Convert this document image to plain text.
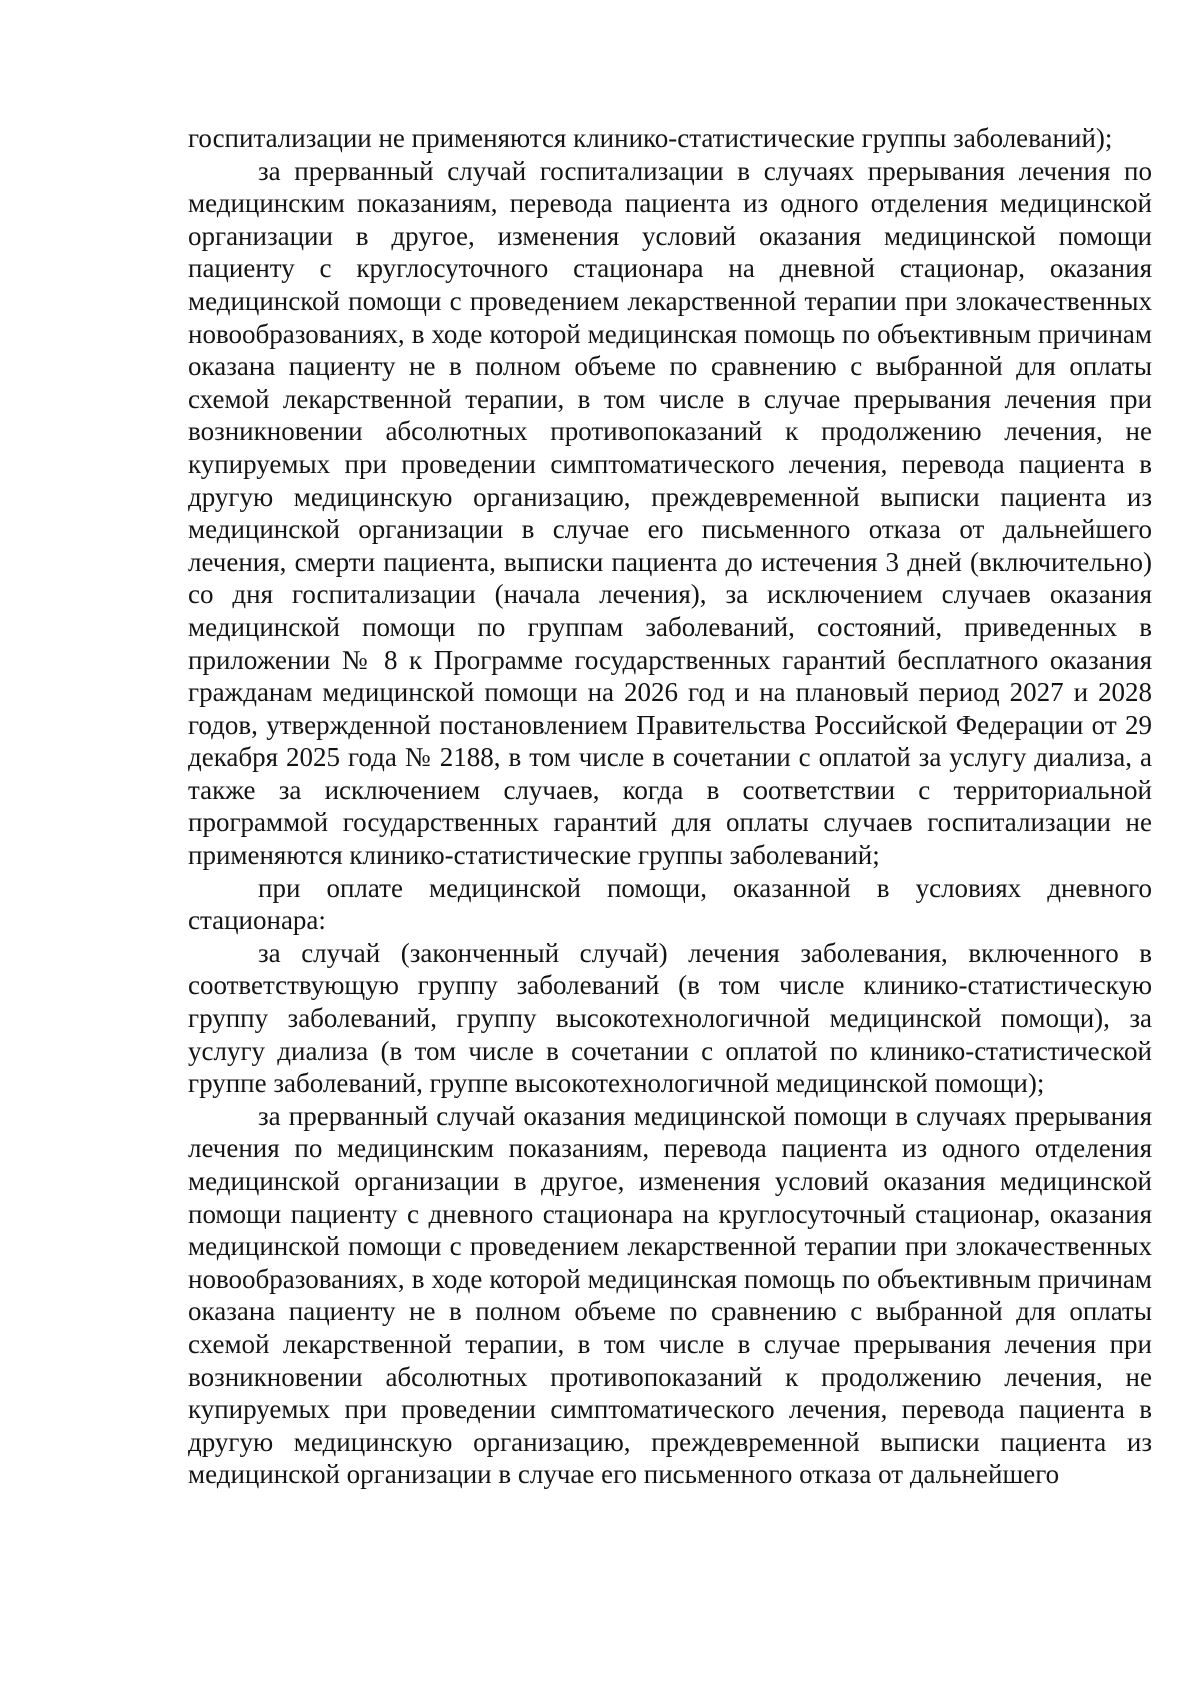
госпитализации не применяются клинико-статистические группы заболеваний);

за прерванный случай госпитализации в случаях прерывания лечения по медицинским показаниям, перевода пациента из одного отделения медицинской организации в другое, изменения условий оказания медицинской помощи пациенту с круглосуточного стационара на дневной стационар, оказания медицинской помощи с проведением лекарственной терапии при злокачественных новообразованиях, в ходе которой медицинская помощь по объективным причинам оказана пациенту не в полном объеме по сравнению с выбранной для оплаты схемой лекарственной терапии, в том числе в случае прерывания лечения при возникновении абсолютных противопоказаний к продолжению лечения, не купируемых при проведении симптоматического лечения, перевода пациента в другую медицинскую организацию, преждевременной выписки пациента из медицинской организации в случае его письменного отказа от дальнейшего лечения, смерти пациента, выписки пациента до истечения 3 дней (включительно) со дня госпитализации (начала лечения), за исключением случаев оказания медицинской помощи по группам заболеваний, состояний, приведенных в приложении № 8 к Программе государственных гарантий бесплатного оказания гражданам медицинской помощи на 2026 год и на плановый период 2027 и 2028 годов, утвержденной постановлением Правительства Российской Федерации от 29 декабря 2025 года № 2188, в том числе в сочетании с оплатой за услугу диализа, а также за исключением случаев, когда в соответствии с территориальной программой государственных гарантий для оплаты случаев госпитализации не применяются клинико-статистические группы заболеваний;

при оплате медицинской помощи, оказанной в условиях дневного стационара:

за случай (законченный случай) лечения заболевания, включенного в соответствующую группу заболеваний (в том числе клинико-статистическую группу заболеваний, группу высокотехнологичной медицинской помощи), за услугу диализа (в том числе в сочетании с оплатой по клинико-статистической группе заболеваний, группе высокотехнологичной медицинской помощи);

за прерванный случай оказания медицинской помощи в случаях прерывания лечения по медицинским показаниям, перевода пациента из одного отделения медицинской организации в другое, изменения условий оказания медицинской помощи пациенту с дневного стационара на круглосуточный стационар, оказания медицинской помощи с проведением лекарственной терапии при злокачественных новообразованиях, в ходе которой медицинская помощь по объективным причинам оказана пациенту не в полном объеме по сравнению с выбранной для оплаты схемой лекарственной терапии, в том числе в случае прерывания лечения при возникновении абсолютных противопоказаний к продолжению лечения, не купируемых при проведении симптоматического лечения, перевода пациента в другую медицинскую организацию, преждевременной выписки пациента из медицинской организации в случае его письменного отказа от дальнейшего
